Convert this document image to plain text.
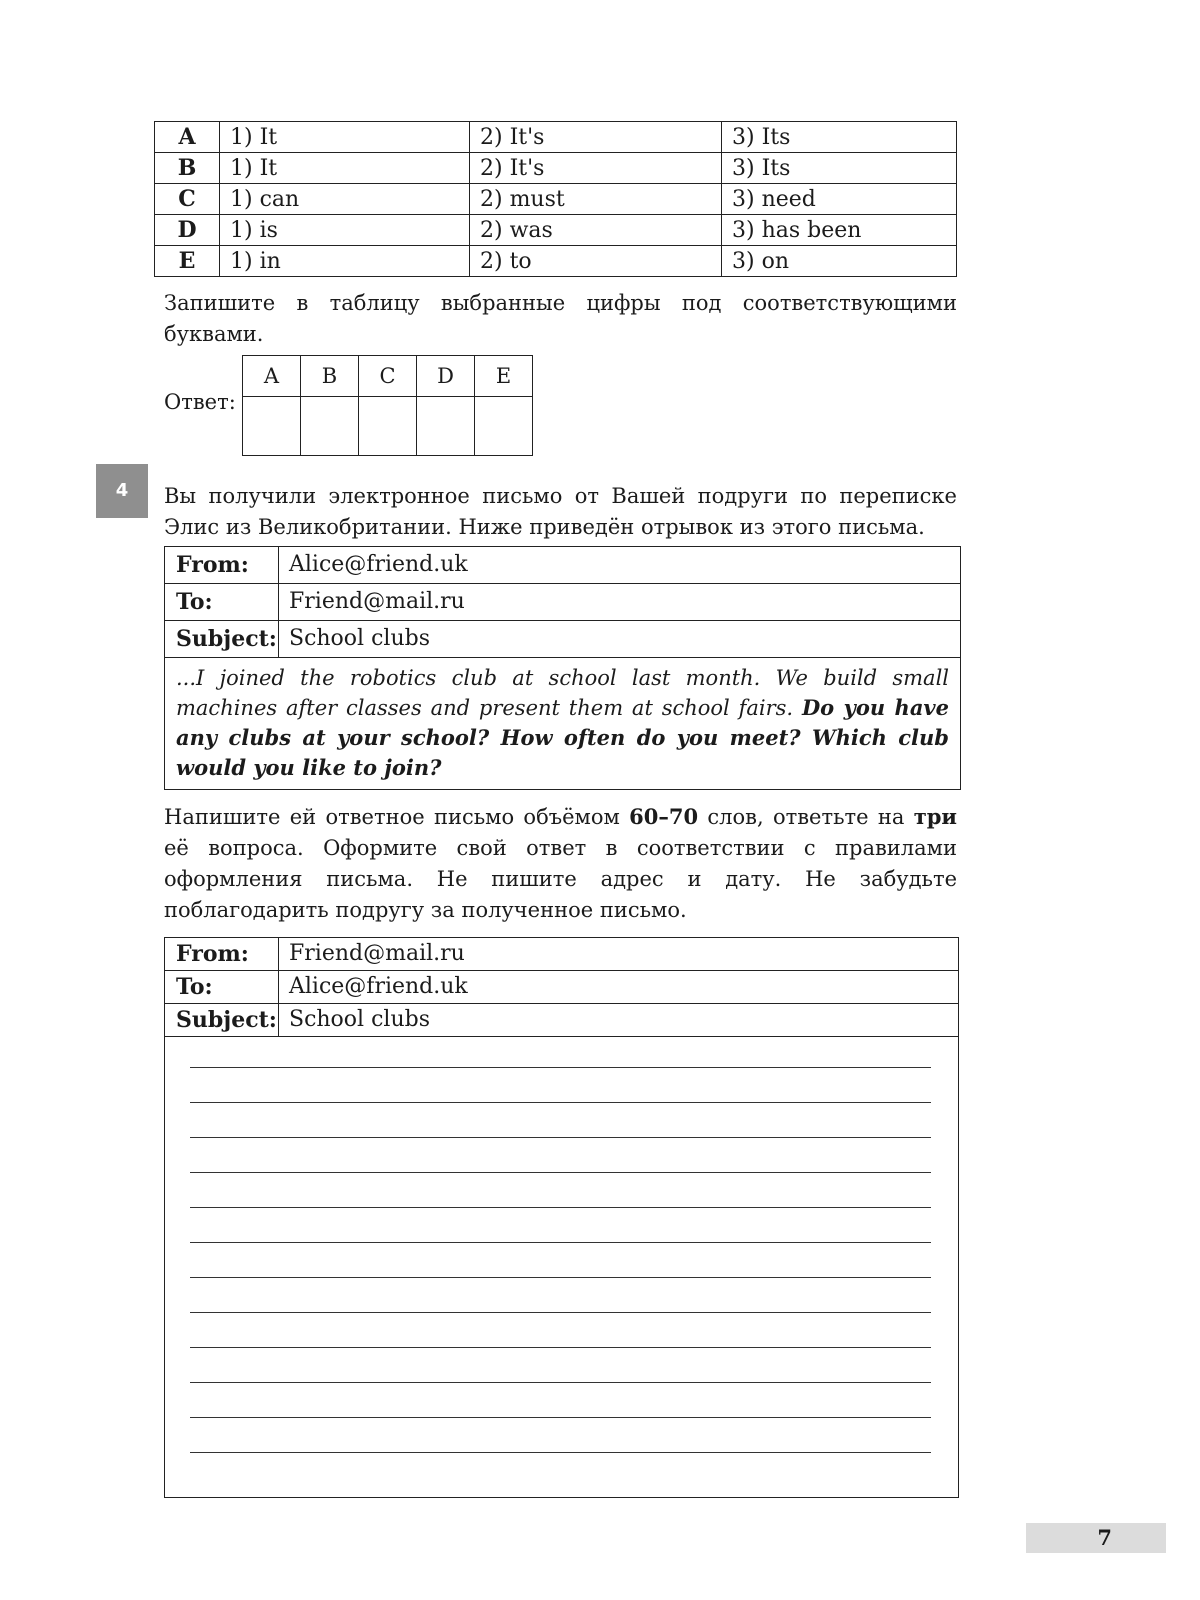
A	1) It	2) It's	3) Its
B	1) It	2) It's	3) Its
C	1) can	2) must	3) need
D	1) is	2) was	3) has been
E	1) in	2) to	3) on
Запишите в таблицу выбранные цифры под соответствующими буквами.
Ответ:
A	B	C	D	E

4	Вы получили электронное письмо от Вашей подруги по переписке Элис из Великобритании. Ниже приведён отрывок из этого письма.
From:	Alice@friend.uk
To:	Friend@mail.ru
Subject: School clubs
...I joined the robotics club at school last month. We build small machines after classes and present them at school fairs. Do you have any clubs at your school? How often do you meet? Which club would you like to join?
Напишите ей ответное письмо объёмом 60–70 слов, ответьте на три её вопроса. Оформите свой ответ в соответствии с правилами оформления письма. Не пишите адрес и дату. Не забудьте поблагодарить подругу за полученное письмо.
From:	Friend@mail.ru
To:	Alice@friend.uk
Subject: School clubs
7
